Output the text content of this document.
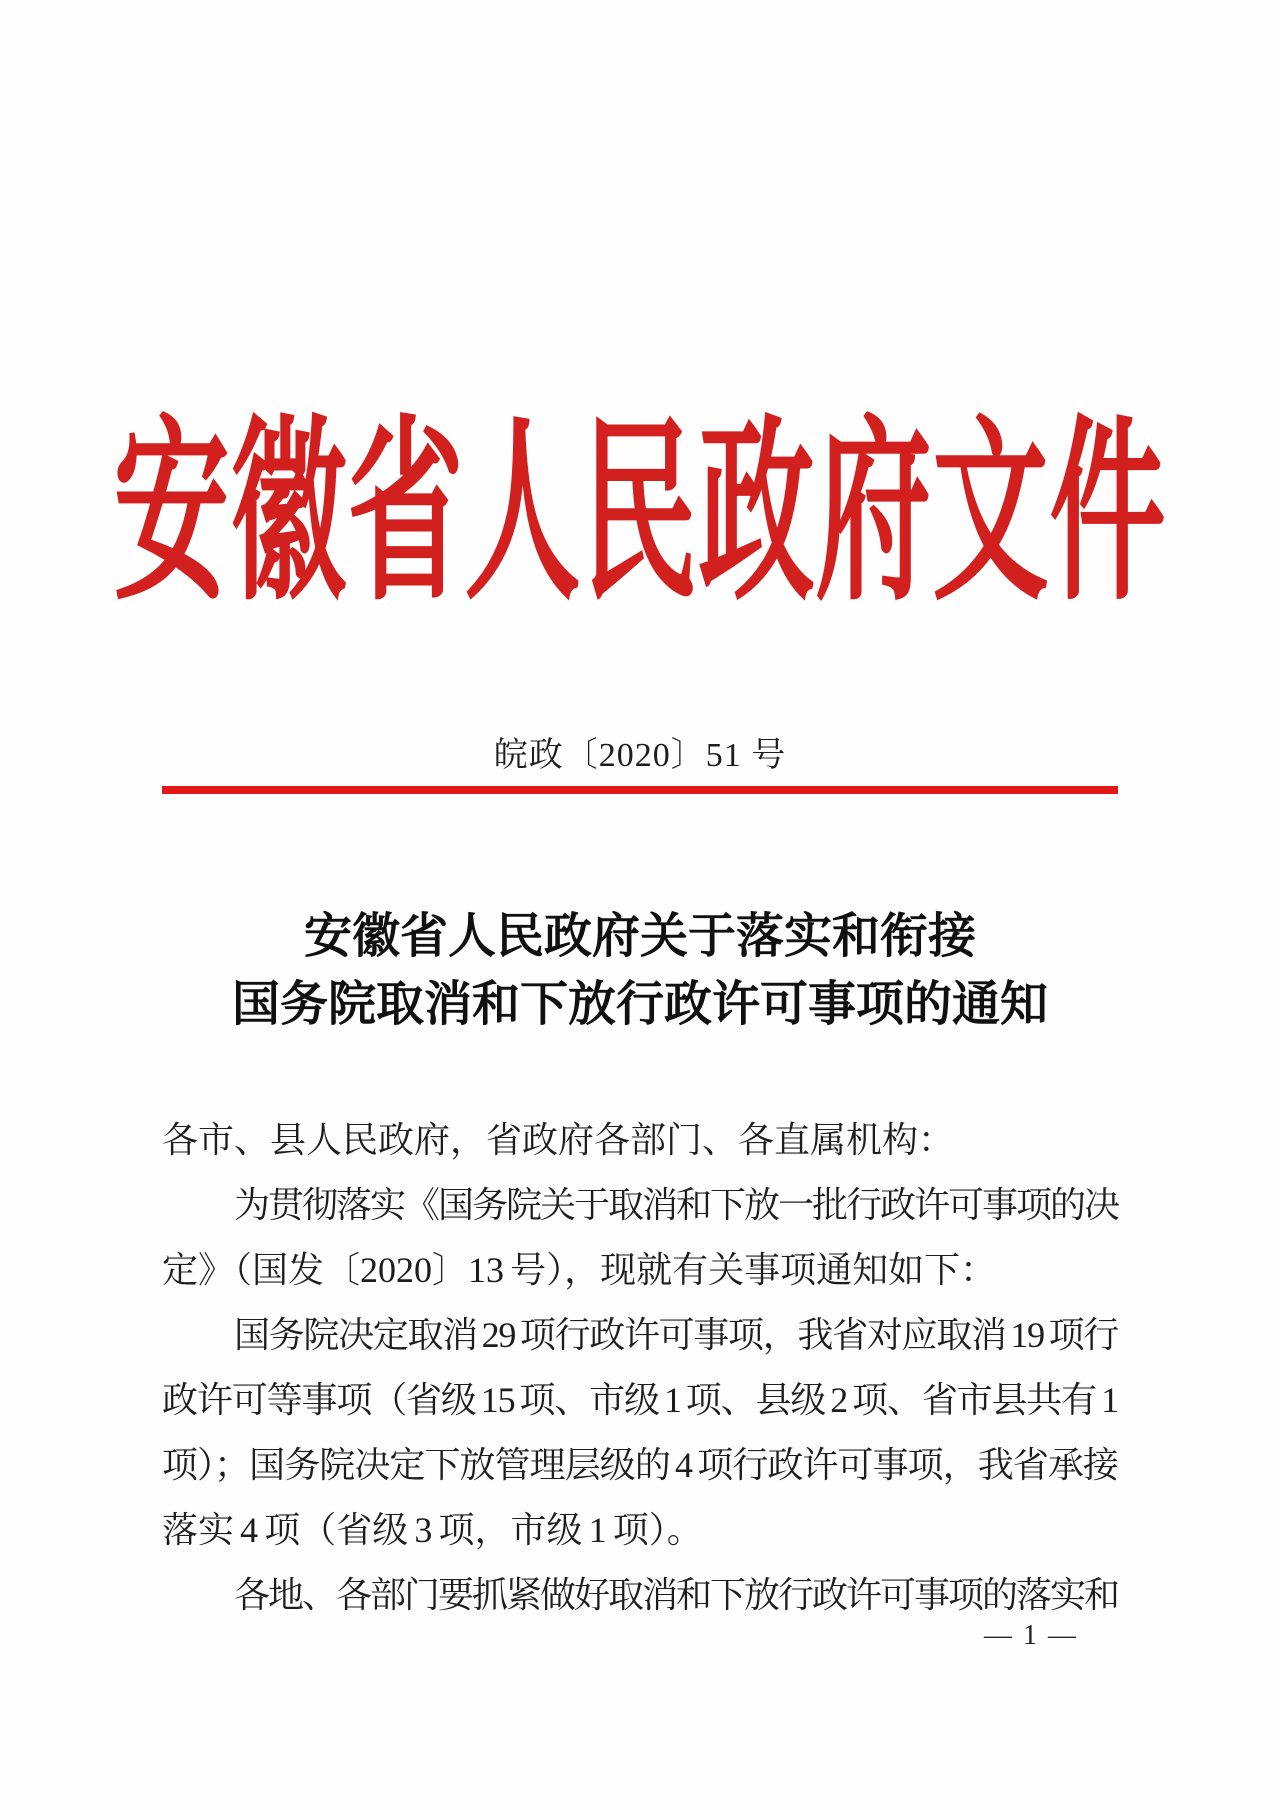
安徽省人民政府文件
皖政〔2020〕51 号
安徽省人民政府关于落实和衔接
国务院取消和下放行政许可事项的通知
各市、县人民政府，省政府各部门、各直属机构：
为贯彻落实《国务院关于取消和下放一批行政许可事项的决
定》（国发〔2020〕13 号），现就有关事项通知如下：
国务院决定取消 29 项行政许可事项，我省对应取消 19 项行
政许可等事项（省级 15 项、市级 1 项、县级 2 项、省市县共有 1
项）；国务院决定下放管理层级的 4 项行政许可事项，我省承接
落实 4 项（省级 3 项，市级 1 项）。
各地、各部门要抓紧做好取消和下放行政许可事项的落实和
— 1 —
